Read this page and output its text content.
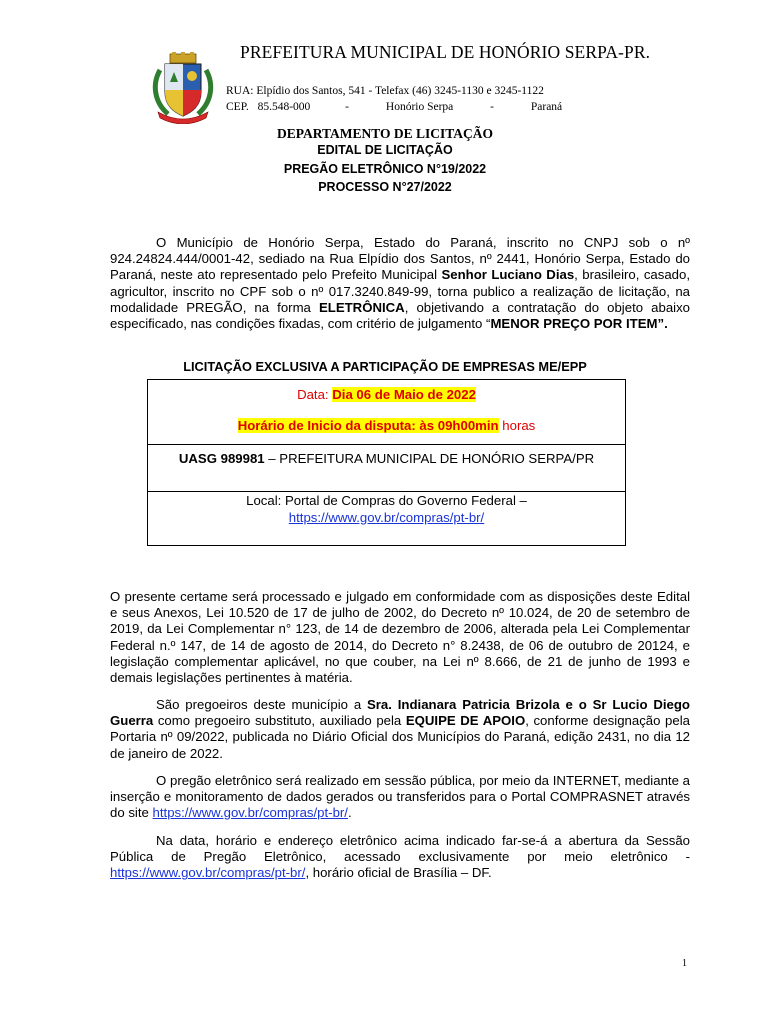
PREFEITURA MUNICIPAL DE HONÓRIO SERPA-PR.
RUA: Elpídio dos Santos, 541 - Telefax (46) 3245-1130 e 3245-1122
CEP. 85.548-000	-	Honório Serpa	-	Paraná
DEPARTAMENTO DE LICITAÇÃO
EDITAL DE LICITAÇÃO
PREGÃO ELETRÔNICO N°19/2022
PROCESSO N°27/2022
O Município de Honório Serpa, Estado do Paraná, inscrito no CNPJ sob o nº 924.24824.444/0001-42, sediado na Rua Elpídio dos Santos, nº 2441, Honório Serpa, Estado do Paraná, neste ato representado pelo Prefeito Municipal Senhor Luciano Dias, brasileiro, casado, agricultor, inscrito no CPF sob o nº 017.3240.849-99, torna publico a realização de licitação, na modalidade PREGÃO, na forma ELETRÔNICA, objetivando a contratação do objeto abaixo especificado, nas condições fixadas, com critério de julgamento “MENOR PREÇO POR ITEM”.
LICITAÇÃO EXCLUSIVA A PARTICIPAÇÃO DE EMPRESAS ME/EPP
Data: Dia 06 de Maio de 2022
Horário de Inicio da disputa: às 09h00min horas
UASG 989981 – PREFEITURA MUNICIPAL DE HONÓRIO SERPA/PR
Local: Portal de Compras do Governo Federal –
https://www.gov.br/compras/pt-br/
O presente certame será processado e julgado em conformidade com as disposições deste Edital e seus Anexos, Lei 10.520 de 17 de julho de 2002, do Decreto nº 10.024, de 20 de setembro de 2019, da Lei Complementar n° 123, de 14 de dezembro de 2006, alterada pela Lei Complementar Federal n.º 147, de 14 de agosto de 2014, do Decreto n° 8.2438, de 06 de outubro de 20124, e legislação complementar aplicável, no que couber, na Lei nº 8.666, de 21 de junho de 1993 e demais legislações pertinentes à matéria.
São pregoeiros deste município a Sra. Indianara Patricia Brizola e o Sr Lucio Diego Guerra como pregoeiro substituto, auxiliado pela EQUIPE DE APOIO, conforme designação pela Portaria nº 09/2022, publicada no Diário Oficial dos Municípios do Paraná, edição 2431, no dia 12 de janeiro de 2022.
O pregão eletrônico será realizado em sessão pública, por meio da INTERNET, mediante a inserção e monitoramento de dados gerados ou transferidos para o Portal COMPRASNET através do site https://www.gov.br/compras/pt-br/.
Na data, horário e endereço eletrônico acima indicado far-se-á a abertura da Sessão Pública de Pregão Eletrônico, acessado exclusivamente por meio eletrônico - https://www.gov.br/compras/pt-br/, horário oficial de Brasília – DF.
1
